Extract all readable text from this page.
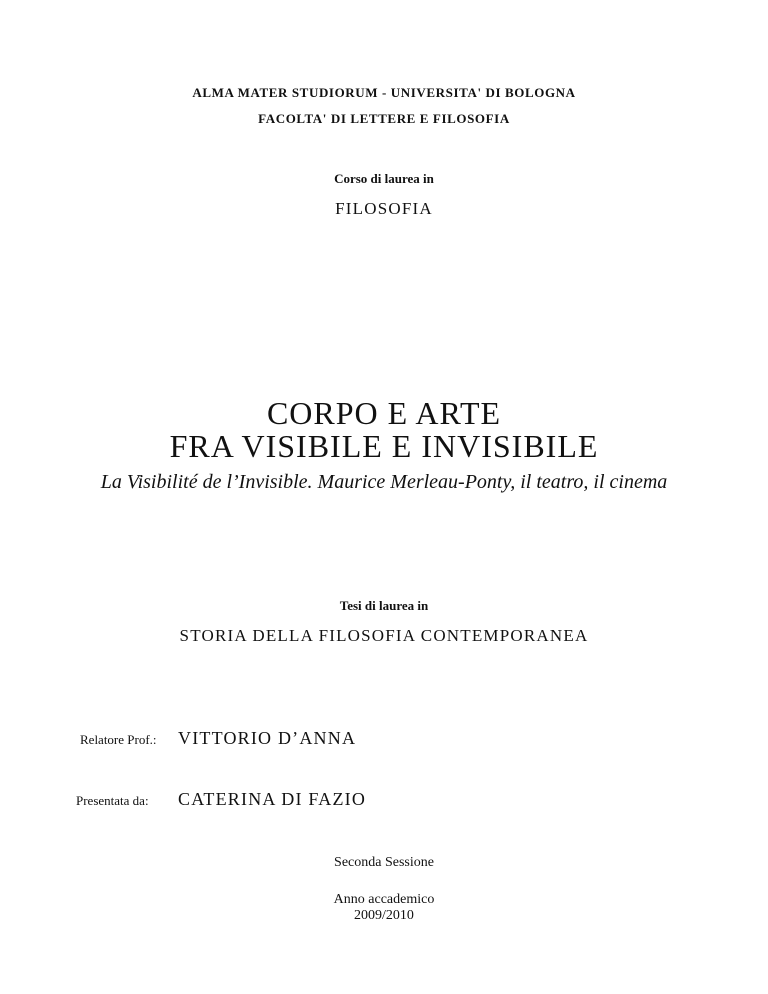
ALMA MATER STUDIORUM - UNIVERSITA' DI BOLOGNA
FACOLTA' DI LETTERE E FILOSOFIA
Corso di laurea in
FILOSOFIA
CORPO E ARTE
FRA VISIBILE E INVISIBILE
La Visibilité de l’Invisible. Maurice Merleau-Ponty, il teatro, il cinema
Tesi di laurea in
STORIA DELLA FILOSOFIA CONTEMPORANEA
Relatore Prof.: VITTORIO D’ANNA
Presentata da: CATERINA DI FAZIO
Seconda Sessione
Anno accademico
2009/2010
